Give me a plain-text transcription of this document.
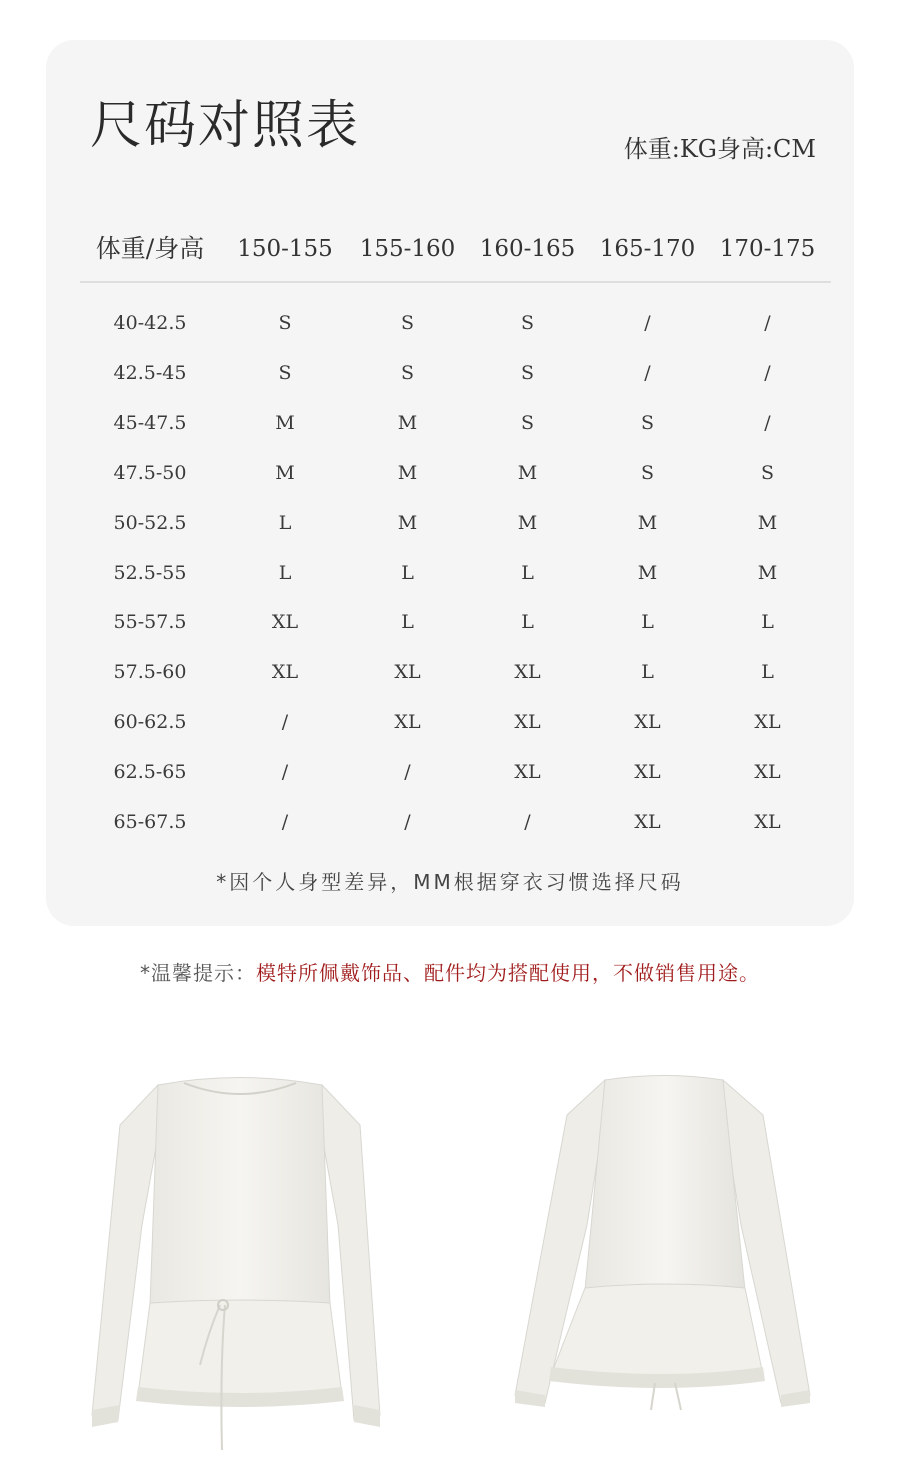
尺码对照表	体重:KG身高:CM
体重/身高	150-155	155-160	160-165	165-170	170-175
40-42.5	S	S	S	/	/
42.5-45	S	S	S	/	/
45-47.5	M	M	S	S	/
47.5-50	M	M	M	S	S
50-52.5	L	M	M	M	M
52.5-55	L	L	L	M	M
55-57.5	XL	L	L	L	L
57.5-60	XL	XL	XL	L	L
60-62.5	/	XL	XL	XL	XL
62.5-65	/	/	XL	XL	XL
65-67.5	/	/	/	XL	XL
*因个人身型差异，MM根据穿衣习惯选择尺码
*温馨提示：模特所佩戴饰品、配件均为搭配使用，不做销售用途。
